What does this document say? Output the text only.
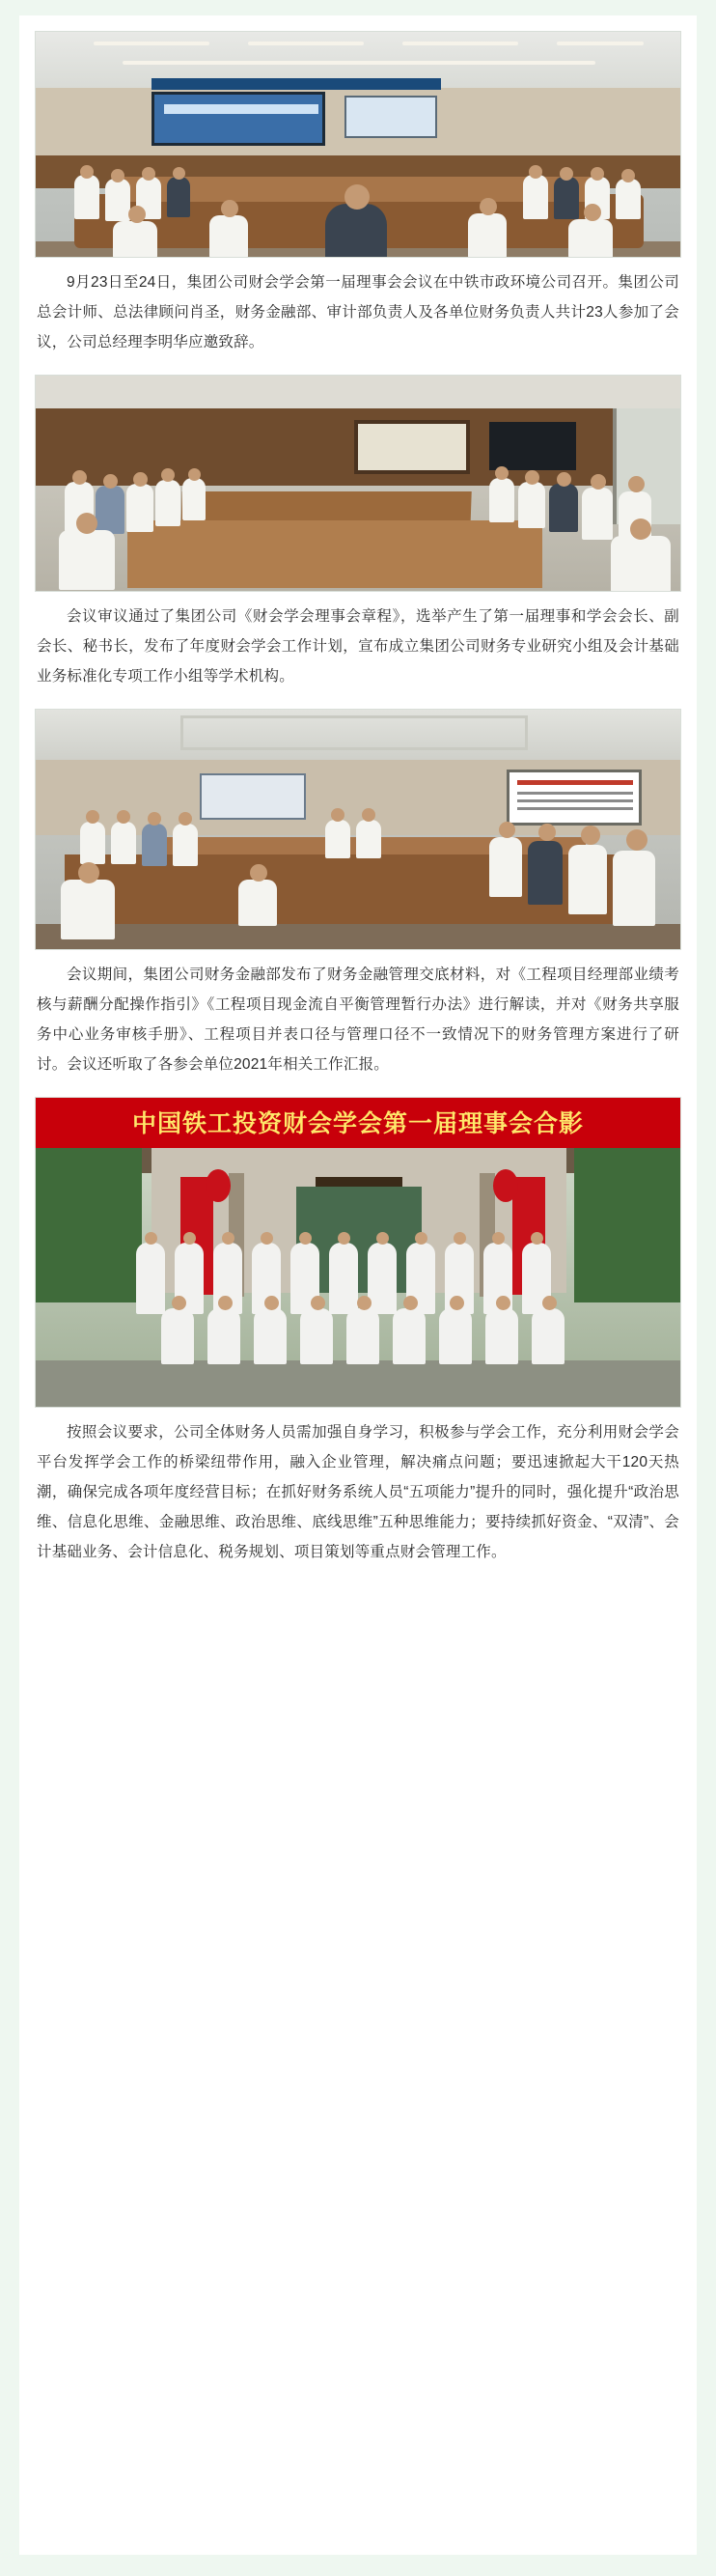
9月23日至24日，集团公司财会学会第一届理事会会议在中铁市政环境公司召开。集团公司总会计师、总法律顾问肖圣，财务金融部、审计部负责人及各单位财务负责人共计23人参加了会议，公司总经理李明华应邀致辞。

会议审议通过了集团公司《财会学会理事会章程》，选举产生了第一届理事和学会会长、副会长、秘书长，发布了年度财会学会工作计划，宣布成立集团公司财务专业研究小组及会计基础业务标准化专项工作小组等学术机构。

会议期间，集团公司财务金融部发布了财务金融管理交底材料，对《工程项目经理部业绩考核与薪酬分配操作指引》《工程项目现金流自平衡管理暂行办法》进行解读，并对《财务共享服务中心业务审核手册》、工程项目并表口径与管理口径不一致情况下的财务管理方案进行了研讨。会议还听取了各参会单位2021年相关工作汇报。

中国铁工投资财会学会第一届理事会合影

按照会议要求，公司全体财务人员需加强自身学习，积极参与学会工作，充分利用财会学会平台发挥学会工作的桥梁纽带作用，融入企业管理，解决痛点问题；要迅速掀起大干120天热潮，确保完成各项年度经营目标；在抓好财务系统人员“五项能力”提升的同时，强化提升“政治思维、信息化思维、金融思维、政治思维、底线思维”五种思维能力；要持续抓好资金、“双清”、会计基础业务、会计信息化、税务规划、项目策划等重点财会管理工作。
